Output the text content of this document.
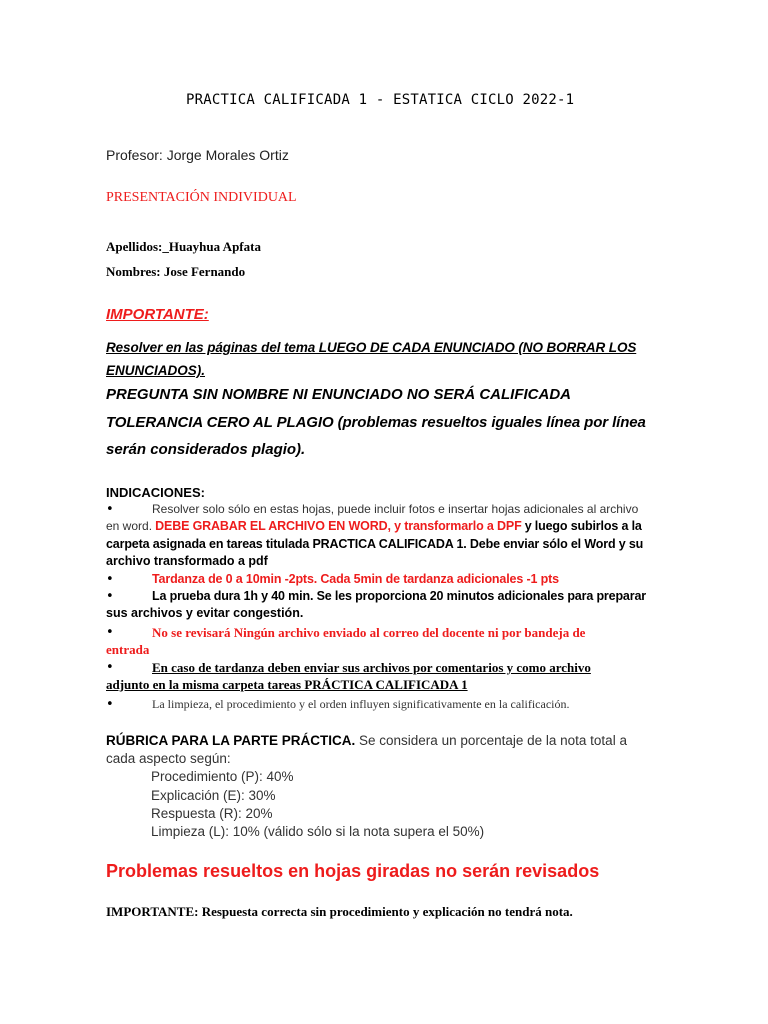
PRACTICA CALIFICADA 1 - ESTATICA CICLO 2022-1
Profesor: Jorge Morales Ortiz
PRESENTACIÓN INDIVIDUAL
Apellidos:_Huayhua Apfata
Nombres: Jose Fernando
IMPORTANTE:
Resolver en las páginas del tema LUEGO DE CADA ENUNCIADO (NO BORRAR LOS
ENUNCIADOS).
PREGUNTA SIN NOMBRE NI ENUNCIADO NO SERÁ CALIFICADA
TOLERANCIA CERO AL PLAGIO (problemas resueltos iguales línea por línea
serán considerados plagio).
INDICACIONES:
•	Resolver solo sólo en estas hojas, puede incluir fotos e insertar hojas adicionales al archivo
en word. DEBE GRABAR EL ARCHIVO EN WORD, y transformarlo a DPF y luego subirlos a la
carpeta asignada en tareas titulada PRACTICA CALIFICADA 1. Debe enviar sólo el Word y su
archivo transformado a pdf
•	Tardanza de 0 a 10min -2pts. Cada 5min de tardanza adicionales -1 pts
•	La prueba dura 1h y 40 min. Se les proporciona 20 minutos adicionales para preparar
sus archivos y evitar congestión.
•	No se revisará Ningún archivo enviado al correo del docente ni por bandeja de
entrada
•	En caso de tardanza deben enviar sus archivos por comentarios y como archivo
adjunto en la misma carpeta tareas PRÁCTICA CALIFICADA 1
•	La limpieza, el procedimiento y el orden influyen significativamente en la calificación.
RÚBRICA PARA LA PARTE PRÁCTICA. Se considera un porcentaje de la nota total a
cada aspecto según:
Procedimiento (P): 40%
Explicación (E): 30%
Respuesta (R): 20%
Limpieza (L): 10% (válido sólo si la nota supera el 50%)
Problemas resueltos en hojas giradas no serán revisados
IMPORTANTE: Respuesta correcta sin procedimiento y explicación no tendrá nota.
